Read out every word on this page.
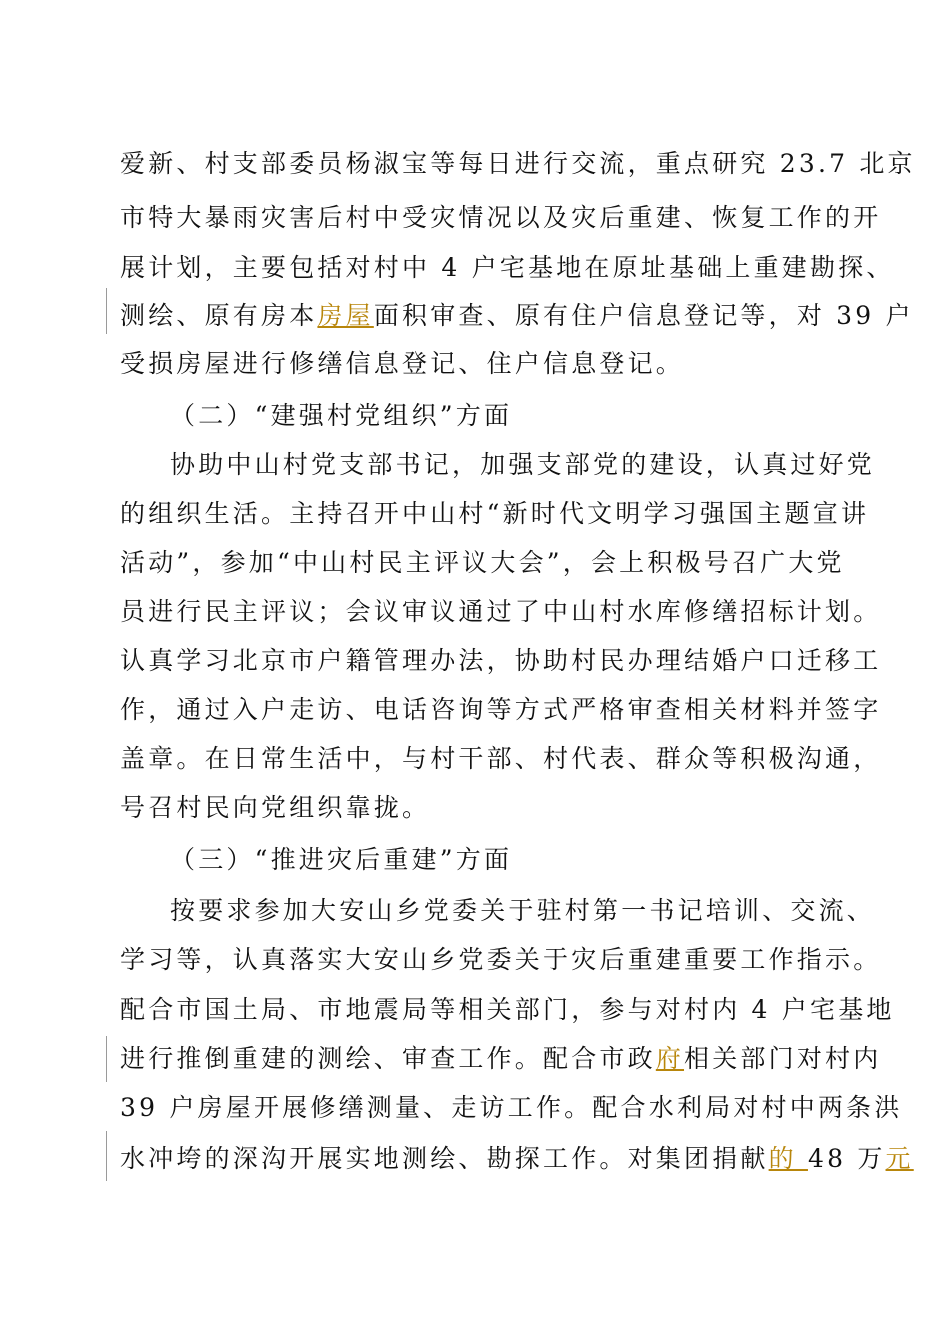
爱新、村支部委员杨淑宝等每日进行交流，重点研究 23.7 北京
市特大暴雨灾害后村中受灾情况以及灾后重建、恢复工作的开
展计划，主要包括对村中 4 户宅基地在原址基础上重建勘探、
测绘、原有房本房屋面积审查、原有住户信息登记等，对 39 户
受损房屋进行修缮信息登记、住户信息登记。
（二）“建强村党组织”方面
协助中山村党支部书记，加强支部党的建设，认真过好党
的组织生活。主持召开中山村“新时代文明学习强国主题宣讲
活动”，参加“中山村民主评议大会”，会上积极号召广大党
员进行民主评议；会议审议通过了中山村水库修缮招标计划。
认真学习北京市户籍管理办法，协助村民办理结婚户口迁移工
作，通过入户走访、电话咨询等方式严格审查相关材料并签字
盖章。在日常生活中，与村干部、村代表、群众等积极沟通，
号召村民向党组织靠拢。
（三）“推进灾后重建”方面
按要求参加大安山乡党委关于驻村第一书记培训、交流、
学习等，认真落实大安山乡党委关于灾后重建重要工作指示。
配合市国土局、市地震局等相关部门，参与对村内 4 户宅基地
进行推倒重建的测绘、审查工作。配合市政府相关部门对村内
39 户房屋开展修缮测量、走访工作。配合水利局对村中两条洪
水冲垮的深沟开展实地测绘、勘探工作。对集团捐献的 48 万元
